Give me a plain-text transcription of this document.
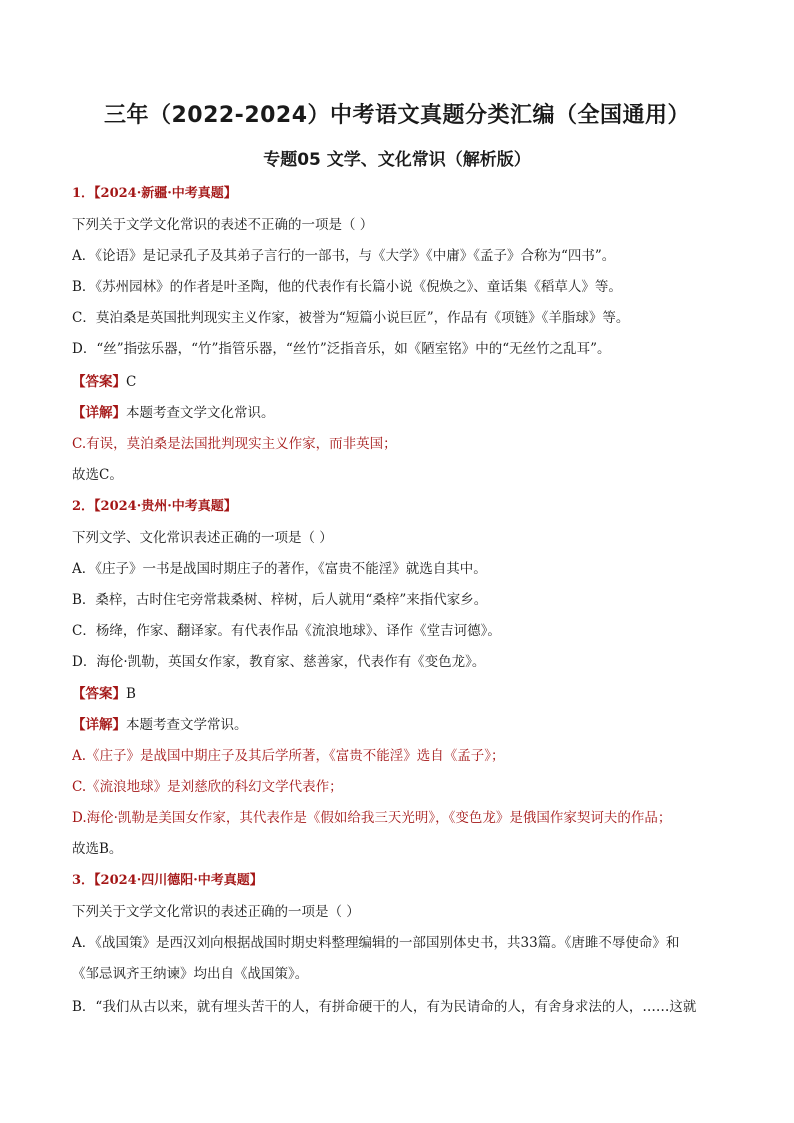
三年（2022-2024）中考语文真题分类汇编（全国通用）
专题05 文学、文化常识（解析版）
1．【2024·新疆·中考真题】
下列关于文学文化常识的表述不正确的一项是（ ）
A．《论语》是记录孔子及其弟子言行的一部书，与《大学》《中庸》《孟子》合称为“四书”。
B．《苏州园林》的作者是叶圣陶，他的代表作有长篇小说《倪焕之》、童话集《稻草人》等。
C．莫泊桑是英国批判现实主义作家，被誉为“短篇小说巨匠”，作品有《项链》《羊脂球》等。
D．“丝”指弦乐器，“竹”指管乐器，“丝竹”泛指音乐，如《陋室铭》中的“无丝竹之乱耳”。
【答案】C
【详解】本题考查文学文化常识。
C.有误，莫泊桑是法国批判现实主义作家，而非英国；
故选C。
2．【2024·贵州·中考真题】
下列文学、文化常识表述正确的一项是（ ）
A．《庄子》一书是战国时期庄子的著作，《富贵不能淫》就选自其中。
B．桑梓，古时住宅旁常栽桑树、梓树，后人就用“桑梓”来指代家乡。
C．杨绛，作家、翻译家。有代表作品《流浪地球》、译作《堂吉诃德》。
D．海伦·凯勒，英国女作家，教育家、慈善家，代表作有《变色龙》。
【答案】B
【详解】本题考查文学常识。
A.《庄子》是战国中期庄子及其后学所著，《富贵不能淫》选自《孟子》；
C.《流浪地球》是刘慈欣的科幻文学代表作；
D.海伦·凯勒是美国女作家，其代表作是《假如给我三天光明》，《变色龙》是俄国作家契诃夫的作品；
故选B。
3．【2024·四川德阳·中考真题】
下列关于文学文化常识的表述正确的一项是（ ）
A．《战国策》是西汉刘向根据战国时期史料整理编辑的一部国别体史书，共33篇。《唐雎不辱使命》和
《邹忌讽齐王纳谏》均出自《战国策》。
B．“我们从古以来，就有埋头苦干的人，有拼命硬干的人，有为民请命的人，有舍身求法的人，……这就
